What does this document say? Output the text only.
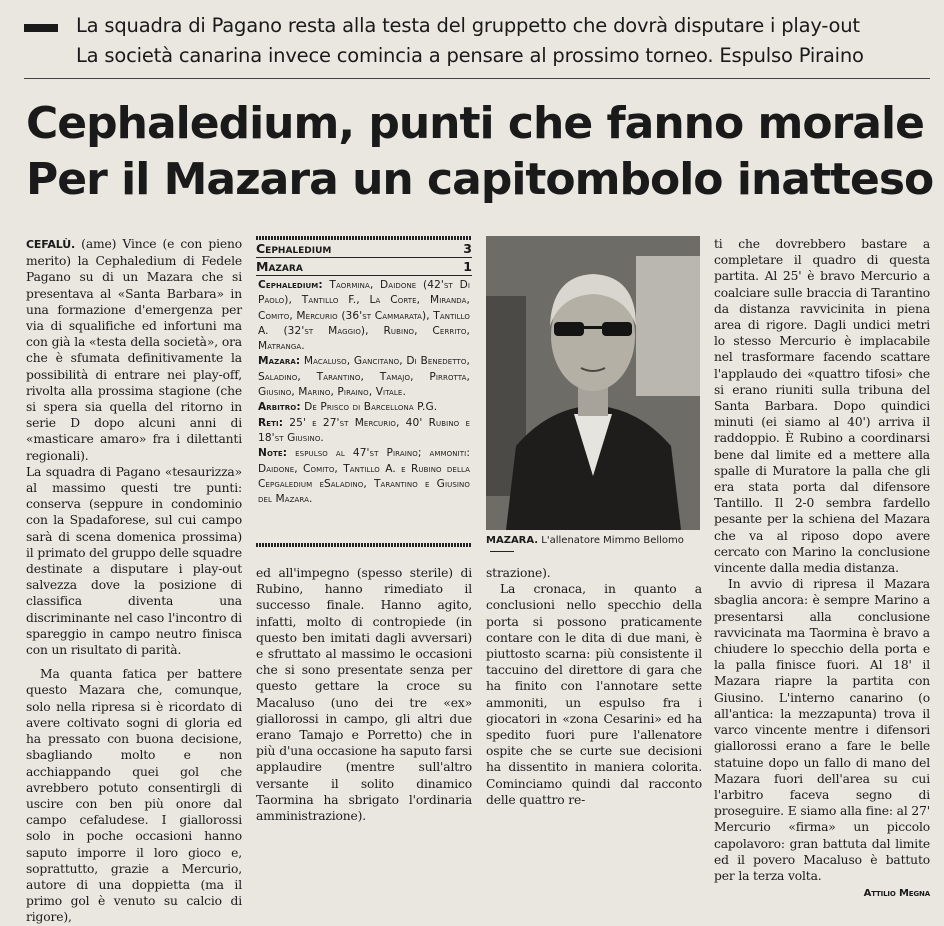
La squadra di Pagano resta alla testa del gruppetto che dovrà disputare i play-out
La società canarina invece comincia a pensare al prossimo torneo. Espulso Piraino
Cephaledium, punti che fanno morale
Per il Mazara un capitombolo inatteso

CEFALÙ. (ame) Vince (e con pieno merito) la Cephaledium di Fedele Pagano su di un Mazara che si presentava al «Santa Barbara» in una formazione d'emergenza per via di squalifiche ed infortuni ma con già la «testa della società», ora che è sfumata definitivamente la possibilità di entrare nei play-off, rivolta alla prossima stagione (che si spera sia quella del ritorno in serie D dopo alcuni anni di «masticare amaro» fra i dilettanti regionali).

La squadra di Pagano «tesaurizza» al massimo questi tre punti: conserva (seppure in condominio con la Spadaforese, sul cui campo sarà di scena domenica prossima) il primato del gruppo delle squadre destinate a disputare i play-out salvezza dove la posizione di classifica diventa una discriminante nel caso l'incontro di spareggio in campo neutro finisca con un risultato di parità.

Ma quanta fatica per battere questo Mazara che, comunque, solo nella ripresa si è ricordato di avere coltivato sogni di gloria ed ha pressato con buona decisione, sbagliando molto e non acchiappando quei gol che avrebbero potuto consentirgli di uscire con ben più onore dal campo cefaludese. I giallorossi solo in poche occasioni hanno saputo imporre il loro gioco e, soprattutto, grazie a Mercurio, autore di una doppietta (ma il primo gol è venuto su calcio di rigore),

Cephaledium	3
Mazara	1

Cephaledium: Taormina, Daidone (42'st Di Paolo), Tantillo F., La Corte, Miranda, Comito, Mercurio (36'st Cammarata), Tantillo A. (32'st Maggio), Rubino, Cerrito, Matranga.

Mazara: Macaluso, Gancitano, Di Benedetto, Saladino, Tarantino, Tamajo, Pirrotta, Giusino, Marino, Piraino, Vitale.

Arbitro: De Prisco di Barcellona P.G.

Reti: 25' e 27'st Mercurio, 40' Rubino e 18'st Giusino.

Note: espulso al 47'st Piraino; ammoniti: Daidone, Comito, Tantillo A. e Rubino della Cepgaledium eSaladino, Tarantino e Giusino del Mazara.

ed all'impegno (spesso sterile) di Rubino, hanno rimediato il successo finale. Hanno agito, infatti, molto di contropiede (in questo ben imitati dagli avversari) e sfruttato al massimo le occasioni che si sono presentate senza per questo gettare la croce su Macaluso (uno dei tre «ex» giallorossi in campo, gli altri due erano Tamajo e Porretto) che in più d'una occasione ha saputo farsi applaudire (mentre sull'altro versante il solito dinamico Taormina ha sbrigato l'ordinaria amministrazione).

MAZARA. L'allenatore Mimmo Bellomo

strazione).

La cronaca, in quanto a conclusioni nello specchio della porta si possono praticamente contare con le dita di due mani, è piuttosto scarna: più consistente il taccuino del direttore di gara che ha finito con l'annotare sette ammoniti, un espulso fra i giocatori in «zona Cesarini» ed ha spedito fuori pure l'allenatore ospite che se curte sue decisioni ha dissentito in maniera colorita. Cominciamo quindi dal racconto delle quattro re-

ti che dovrebbero bastare a completare il quadro di questa partita. Al 25' è bravo Mercurio a coalciare sulle braccia di Tarantino da distanza ravvicinita in piena area di rigore. Dagli undici metri lo stesso Mercurio è implacabile nel trasformare facendo scattare l'applaudo dei «quattro tifosi» che si erano riuniti sulla tribuna del Santa Barbara. Dopo quindici minuti (ei siamo al 40') arriva il raddoppio. È Rubino a coordinarsi bene dal limite ed a mettere alla spalle di Muratore la palla che gli era stata porta dal difensore Tantillo. Il 2-0 sembra fardello pesante per la schiena del Mazara che va al riposo dopo avere cercato con Marino la conclusione vincente dalla media distanza.

In avvio di ripresa il Mazara sbaglia ancora: è sempre Marino a presentarsi alla conclusione ravvicinata ma Taormina è bravo a chiudere lo specchio della porta e la palla finisce fuori. Al 18' il Mazara riapre la partita con Giusino. L'interno canarino (o all'antica: la mezzapunta) trova il varco vincente mentre i difensori giallorossi erano a fare le belle statuine dopo un fallo di mano del Mazara fuori dell'area su cui l'arbitro faceva segno di proseguire. E siamo alla fine: al 27' Mercurio «firma» un piccolo capolavoro: gran battuta dal limite ed il povero Macaluso è battuto per la terza volta.

Attilio Megna
